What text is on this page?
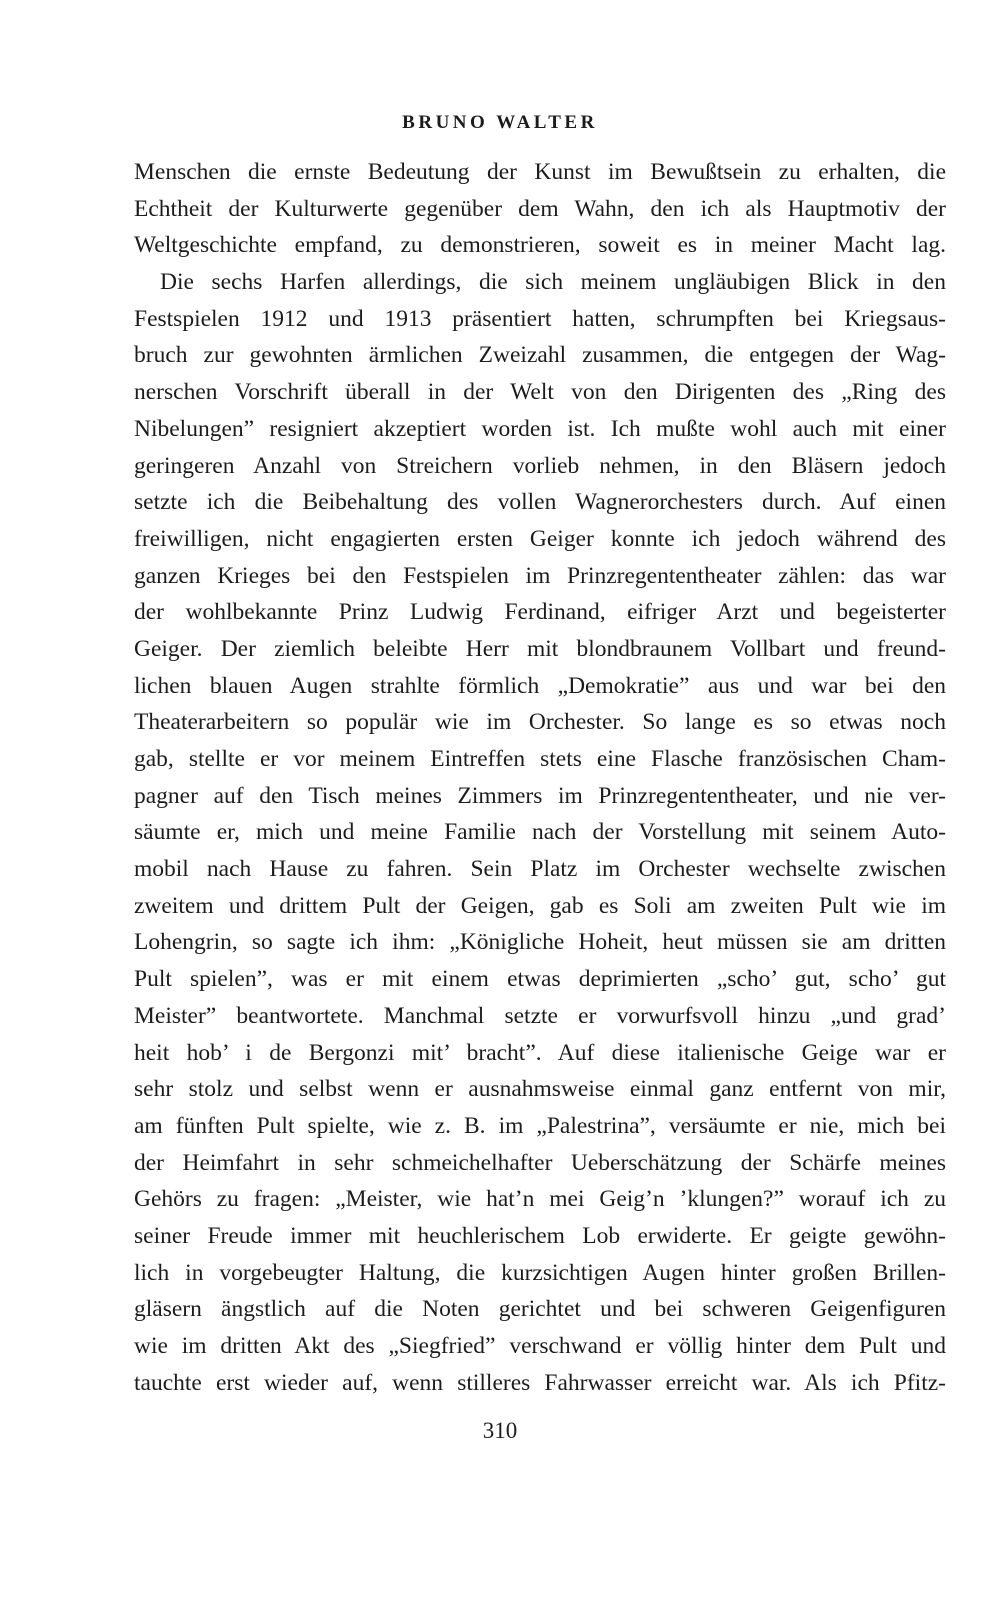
BRUNO WALTER
Menschen die ernste Bedeutung der Kunst im Bewußtsein zu erhalten, die
Echtheit der Kulturwerte gegenüber dem Wahn, den ich als Hauptmotiv der
Weltgeschichte empfand, zu demonstrieren, soweit es in meiner Macht lag.
Die sechs Harfen allerdings, die sich meinem ungläubigen Blick in den
Festspielen 1912 und 1913 präsentiert hatten, schrumpften bei Kriegsaus-
bruch zur gewohnten ärmlichen Zweizahl zusammen, die entgegen der Wag-
nerschen Vorschrift überall in der Welt von den Dirigenten des „Ring des
Nibelungen” resigniert akzeptiert worden ist. Ich mußte wohl auch mit einer
geringeren Anzahl von Streichern vorlieb nehmen, in den Bläsern jedoch
setzte ich die Beibehaltung des vollen Wagnerorchesters durch. Auf einen
freiwilligen, nicht engagierten ersten Geiger konnte ich jedoch während des
ganzen Krieges bei den Festspielen im Prinzregententheater zählen: das war
der wohlbekannte Prinz Ludwig Ferdinand, eifriger Arzt und begeisterter
Geiger. Der ziemlich beleibte Herr mit blondbraunem Vollbart und freund-
lichen blauen Augen strahlte förmlich „Demokratie” aus und war bei den
Theaterarbeitern so populär wie im Orchester. So lange es so etwas noch
gab, stellte er vor meinem Eintreffen stets eine Flasche französischen Cham-
pagner auf den Tisch meines Zimmers im Prinzregententheater, und nie ver-
säumte er, mich und meine Familie nach der Vorstellung mit seinem Auto-
mobil nach Hause zu fahren. Sein Platz im Orchester wechselte zwischen
zweitem und drittem Pult der Geigen, gab es Soli am zweiten Pult wie im
Lohengrin, so sagte ich ihm: „Königliche Hoheit, heut müssen sie am dritten
Pult spielen”, was er mit einem etwas deprimierten „scho’ gut, scho’ gut
Meister” beantwortete. Manchmal setzte er vorwurfsvoll hinzu „und grad’
heit hob’ i de Bergonzi mit’ bracht”. Auf diese italienische Geige war er
sehr stolz und selbst wenn er ausnahmsweise einmal ganz entfernt von mir,
am fünften Pult spielte, wie z. B. im „Palestrina”, versäumte er nie, mich bei
der Heimfahrt in sehr schmeichelhafter Ueberschätzung der Schärfe meines
Gehörs zu fragen: „Meister, wie hat’n mei Geig’n ’klungen?” worauf ich zu
seiner Freude immer mit heuchlerischem Lob erwiderte. Er geigte gewöhn-
lich in vorgebeugter Haltung, die kurzsichtigen Augen hinter großen Brillen-
gläsern ängstlich auf die Noten gerichtet und bei schweren Geigenfiguren
wie im dritten Akt des „Siegfried” verschwand er völlig hinter dem Pult und
tauchte erst wieder auf, wenn stilleres Fahrwasser erreicht war. Als ich Pfitz-
310
